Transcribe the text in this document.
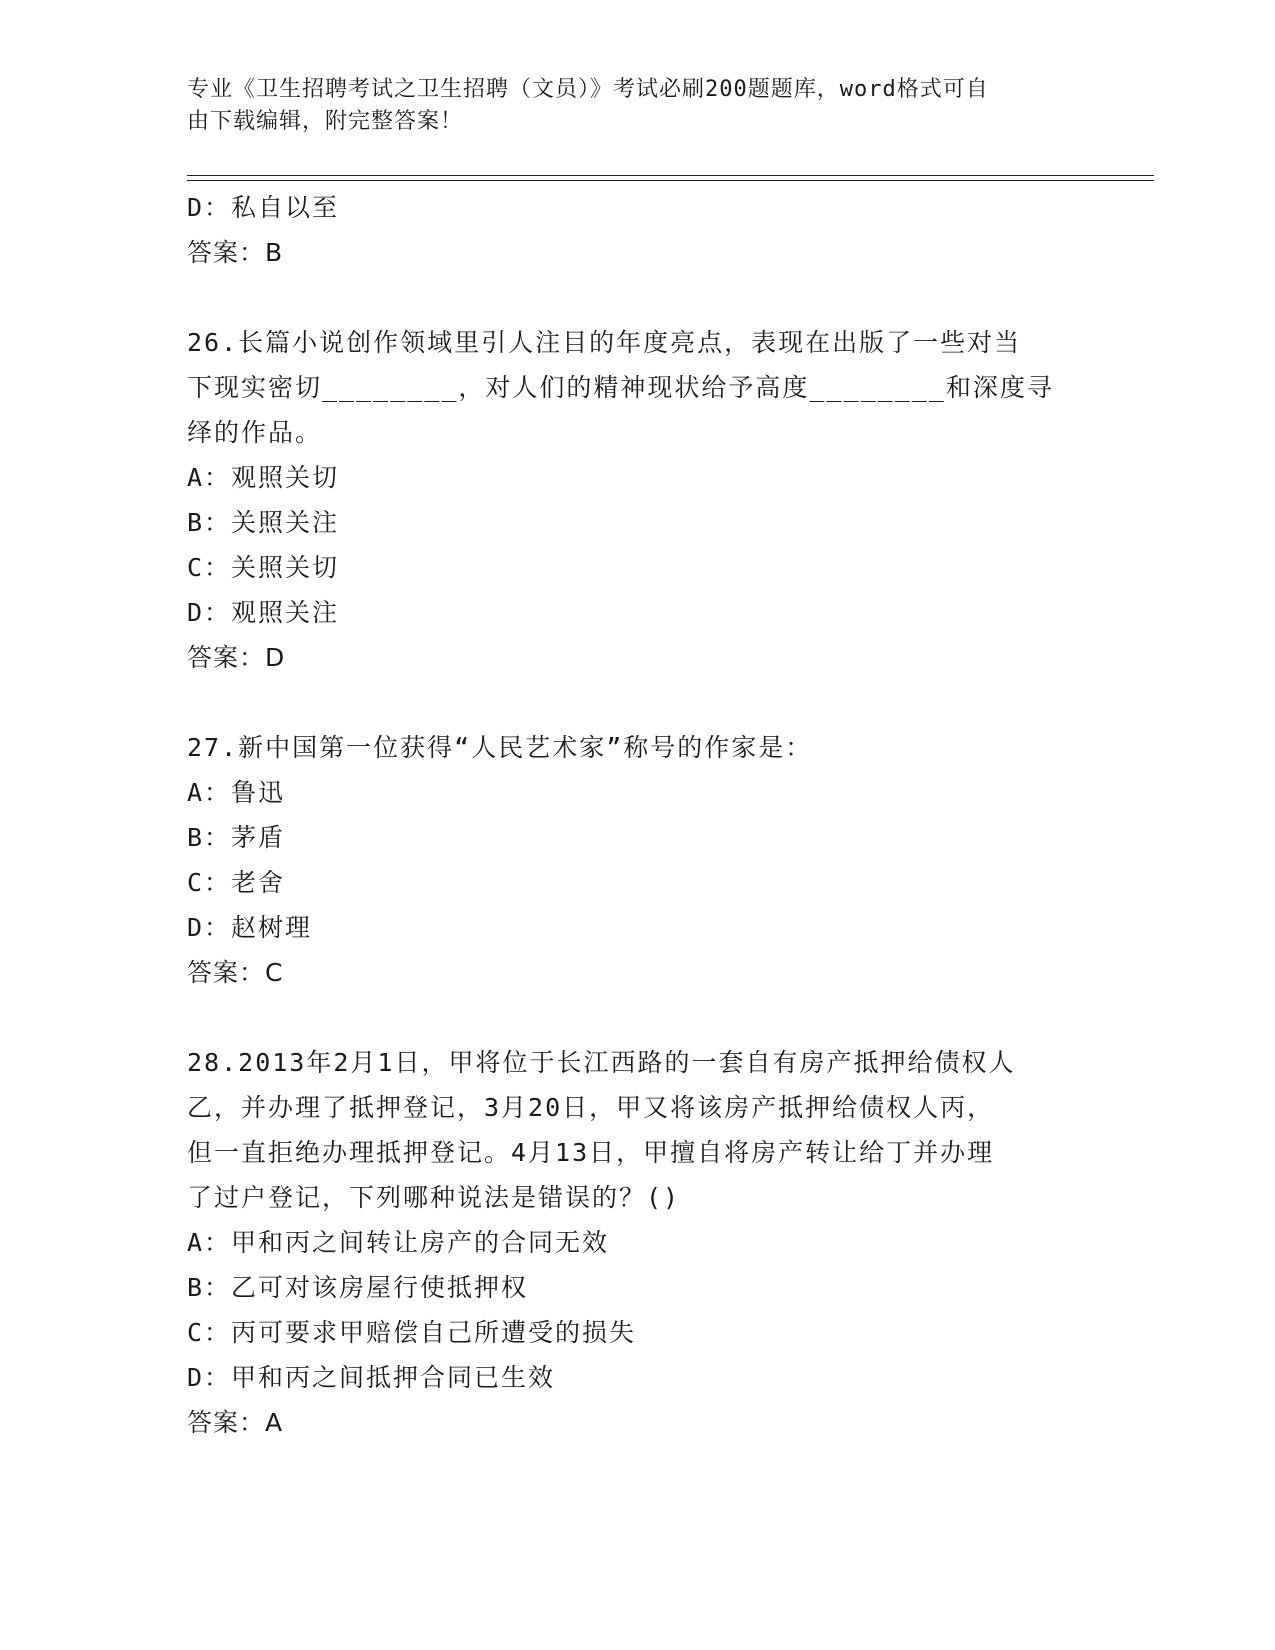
专业《卫生招聘考试之卫生招聘（文员）》考试必刷200题题库，word格式可自
由下载编辑，附完整答案！
D：私自以至
答案：B
26.长篇小说创作领域里引人注目的年度亮点，表现在出版了一些对当
下现实密切________，对人们的精神现状给予高度________和深度寻
绎的作品。
A：观照关切
B：关照关注
C：关照关切
D：观照关注
答案：D
27.新中国第一位获得“人民艺术家”称号的作家是：
A：鲁迅
B：茅盾
C：老舍
D：赵树理
答案：C
28.2013年2月1日，甲将位于长江西路的一套自有房产抵押给债权人
乙，并办理了抵押登记，3月20日，甲又将该房产抵押给债权人丙，
但一直拒绝办理抵押登记。4月13日，甲擅自将房产转让给丁并办理
了过户登记，下列哪种说法是错误的？()
A：甲和丙之间转让房产的合同无效
B：乙可对该房屋行使抵押权
C：丙可要求甲赔偿自己所遭受的损失
D：甲和丙之间抵押合同已生效
答案：A
